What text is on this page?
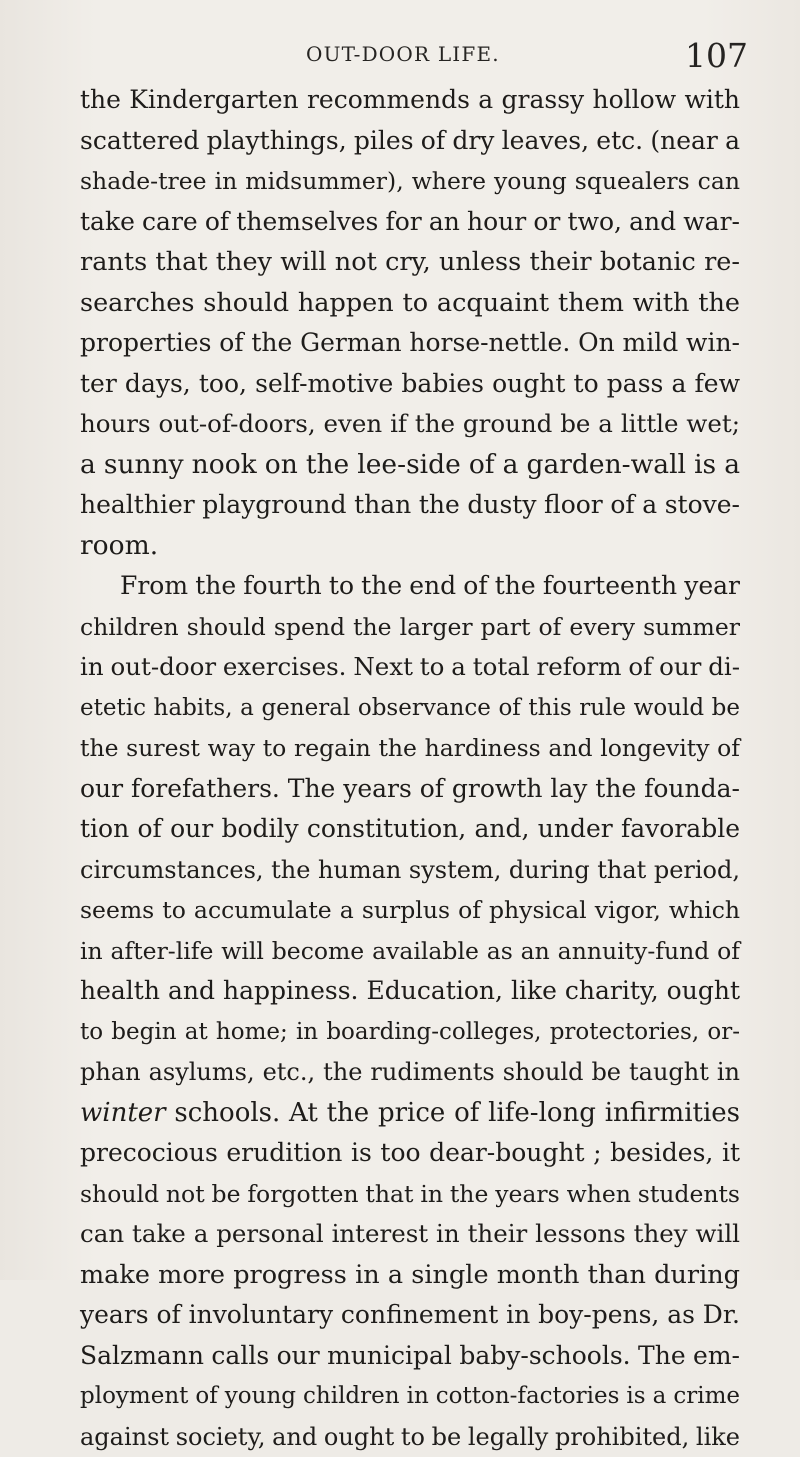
OUT-DOOR LIFE.	107
the Kindergarten recommends a grassy hollow with
scattered playthings, piles of dry leaves, etc. (near a
shade-tree in midsummer), where young squealers can
take care of themselves for an hour or two, and war-
rants that they will not cry, unless their botanic re-
searches should happen to acquaint them with the
properties of the German horse-nettle. On mild win-
ter days, too, self-motive babies ought to pass a few
hours out-of-doors, even if the ground be a little wet;
a sunny nook on the lee-side of a garden-wall is a
healthier playground than the dusty floor of a stove-
room.
From the fourth to the end of the fourteenth year
children should spend the larger part of every summer
in out-door exercises. Next to a total reform of our di-
etetic habits, a general observance of this rule would be
the surest way to regain the hardiness and longevity of
our forefathers. The years of growth lay the founda-
tion of our bodily constitution, and, under favorable
circumstances, the human system, during that period,
seems to accumulate a surplus of physical vigor, which
in after-life will become available as an annuity-fund of
health and happiness. Education, like charity, ought
to begin at home; in boarding-colleges, protectories, or-
phan asylums, etc., the rudiments should be taught in
winter schools. At the price of life-long infirmities
precocious erudition is too dear-bought ; besides, it
should not be forgotten that in the years when students
can take a personal interest in their lessons they will
make more progress in a single month than during
years of involuntary confinement in boy-pens, as Dr.
Salzmann calls our municipal baby-schools. The em-
ployment of young children in cotton-factories is a crime
against society, and ought to be legally prohibited, like
